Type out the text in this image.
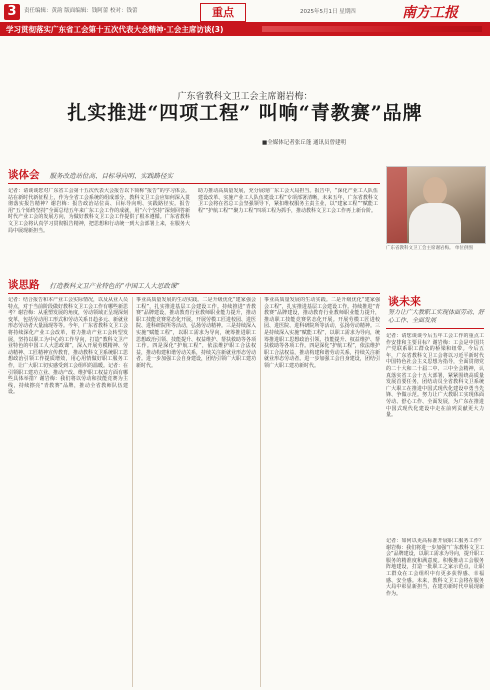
3	责任编辑：黄韵 版面编辑：钱阿蕾 校对：钱蕾	重点	2025年5月1日 星期四	南方工报
学习贯彻落实广东省工会第十五次代表大会精神·工会主席访谈(3)
广东省教科文卫工会主席谢岩梅：
扎实推进“四项工程” 叫响“青教赛”品牌
■全媒体记者张丘蓬 通讯员曾建明
谈体会 服务改造站位高、目标导向明、实践路径实
记者：请谈谈您对广东省工会第十五次代表大会报告以下简称“报告”的学习体会。站在新时代新征程上，作为全省工会系统的组成部分，教科文卫工会应如何深入贯彻落实报告精神？谢岩梅：报告政治站位高、目标导向明、实践路径实。报告用“五个始终坚持”全面总结五年来广东工会工作的成就，用“六个坚持”深刻回答新时代产业工会的发展方向，为做好教科文卫工会工作提供了根本遵循。广东省教科文卫工会将认真学习贯彻报告精神，把思想和行动统一到大会部署上来，在服务大局中展现新担当。
助力推动高质量发展，充分展现广东工会大局担当。报告中，“深化产业工人队伍建设改革、实施产业工人队伍建设工程”专项部署清晰，未来五年，广东省教科文卫工会将在省总工会坚强领导下，紧扣维权服务主责主业，以“建家工程”“赋能工程”“护航工程”“聚力工程”四项工程为抓手，推动教科文卫工会工作再上新台阶。
广东省教科文卫工会主席谢岩梅。 单位供图
谈思路 打造教科文卫产业特色的“中国工人大思政课”
记者：结合报告和本产业工会实际情况，以及从业人员特点，对于当前阶段做好教科文卫工会工作有哪些新思考？谢岩梅：从重塑发展的角度，劳动领域正呈现深刻变革，包括劳动用工形式和劳动关系日趋多元、新就业形态劳动者大量涌现等等。今年，广东省教科文卫工会将持续深化产业工会改革，着力推动产业工会转型发展，坚持以职工为中心的工作导向，打造“教科文卫产业特色的中国工人大思政课”，深入开展劳模精神、劳动精神、工匠精神宣传教育，推动教科文卫系统职工思想政治引领工作提质增效，用心用情做好职工服务工作，让广大职工切实感受到工会组织的温暖。记者：在引领职工建功立业、推动产改、维护职工权益方面有哪些具体举措？谢岩梅：我们将以劳动和技能竞赛为主线，持续擦亮“青教赛”品牌，推动全省教师队伍建设。
事业高质量发展的生动实践。二是升级优化“建家强会工程”，扎实推进基层工会建设工作。持续推进“青教赛”品牌建设，推动教育行业教师职业能力提升，推动职工技能竞赛常态化开展。开展劳模工匠进校园、进医院、进科研院所等活动，弘扬劳动精神。三是持续深入实施“赋能工程”，以职工需求为导向，统筹推进职工思想政治引领、技能提升、权益维护、帮扶救助等各项工作。四是深化“护航工程”，依法维护职工合法权益，推动构建和谐劳动关系，持续关注新就业形态劳动者。进一步加强工会自身建设，团结引领广大职工建功新时代。
事业高质量发展的生动实践。二是升级优化“建家强会工程”，扎实推进基层工会建设工作。持续推进“青教赛”品牌建设，推动教育行业教师职业能力提升，推动职工技能竞赛常态化开展。开展劳模工匠进校园、进医院、进科研院所等活动，弘扬劳动精神。三是持续深入实施“赋能工程”，以职工需求为导向，统筹推进职工思想政治引领、技能提升、权益维护、帮扶救助等各项工作。四是深化“护航工程”，依法维护职工合法权益，推动构建和谐劳动关系，持续关注新就业形态劳动者。进一步加强工会自身建设，团结引领广大职工建功新时代。
谈未来
努力让广大教职工实现体面劳动、舒心工作、全面发展
记者：请您谈谈今后五年工会工作的重点工作安排和主要目标？谢岩梅：工会是中国共产党联系职工群众的桥梁和纽带。今后五年，广东省教科文卫工会将以习近平新时代中国特色社会主义思想为指导，全面贯彻党的二十大和二十届二中、三中全会精神，认真落实省工会十五大部署，紧紧围绕高质量发展首要任务，团结动员全省教科文卫系统广大职工在推进中国式现代化建设中勇当先锋、争做示范。努力让广大教职工实现体面劳动、舒心工作、全面发展，为广东在推进中国式现代化建设中走在前列贡献更大力量。
记者：如何以更高标准开展职工服务工作？谢岩梅：我们将进一步加强“广东教科文卫工会”品牌建设，以职工需求为导向，提升职工服务的精准度和满意度。积极推动工会服务阵地建设，打造一批职工之家示范点，让职工群众在工会组织中有更多获得感、幸福感、安全感。未来，教科文卫工会将在服务大局中彰显新担当，在建功新时代中展现新作为。
